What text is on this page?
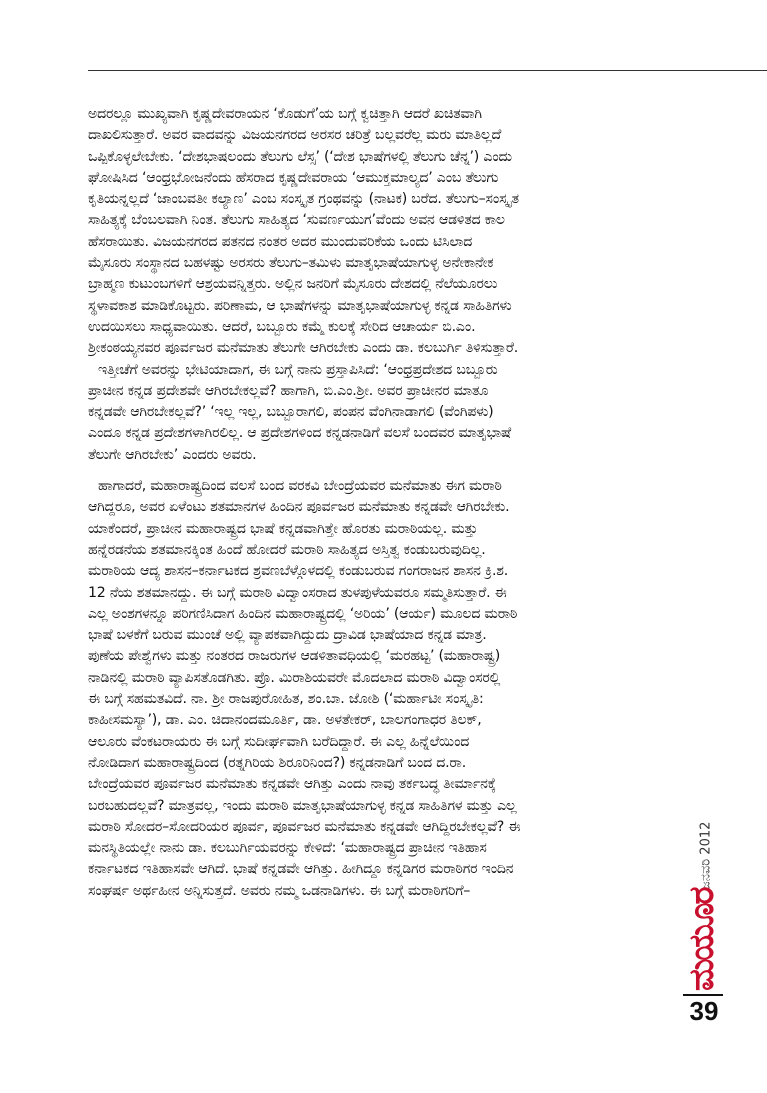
ಅದರಲ್ಲೂ ಮುಖ್ಯವಾಗಿ ಕೃಷ್ಣದೇವರಾಯನ ‘ಕೊಡುಗೆ’ಯ ಬಗ್ಗೆ ಕ್ವಚಿತ್ತಾಗಿ ಆದರೆ ಖಚಿತವಾಗಿ
ದಾಖಲಿಸುತ್ತಾರೆ. ಅವರ ವಾದವನ್ನು ವಿಜಯನಗರದ ಅರಸರ ಚರಿತ್ರೆ ಬಲ್ಲವರೆಲ್ಲ ಮರು ಮಾತಿಲ್ಲದೆ
ಒಪ್ಪಿಕೊಳ್ಳಲೇಬೇಕು. ‘ದೇಶಭಾಷಲಂದು ತೆಲುಗು ಲೆಸ್ಸ’ (‘ದೇಶ ಭಾಷೆಗಳಲ್ಲಿ ತೆಲುಗು ಚೆನ್ನ’) ಎಂದು
ಘೋಷಿಸಿದ ‘ಆಂಧ್ರಭೋಜನೆಂದು ಹೆಸರಾದ ಕೃಷ್ಣದೇವರಾಯ ‘ಆಮುಕ್ತಮಾಲ್ಯದ’ ಎಂಬ ತೆಲುಗು
ಕೃತಿಯನ್ನಲ್ಲದೆ ‘ಜಾಂಬವತೀ ಕಲ್ಯಾಣ’ ಎಂಬ ಸಂಸ್ಕೃತ ಗ್ರಂಥವನ್ನು (ನಾಟಕ) ಬರೆದ. ತೆಲುಗು–ಸಂಸ್ಕೃತ
ಸಾಹಿತ್ಯಕ್ಕೆ ಬೆಂಬಲವಾಗಿ ನಿಂತ. ತೆಲುಗು ಸಾಹಿತ್ಯದ ‘ಸುವರ್ಣಯುಗ’ವೆಂದು ಅವನ ಆಡಳಿತದ ಕಾಲ
ಹೆಸರಾಯಿತು. ವಿಜಯನಗರದ ಪತನದ ನಂತರ ಅದರ ಮುಂದುವರಿಕೆಯ ಒಂದು ಟಿಸಿಲಾದ
ಮೈಸೂರು ಸಂಸ್ಥಾನದ ಬಹಳಷ್ಟು ಅರಸರು ತೆಲುಗು–ತಮಿಳು ಮಾತೃಭಾಷೆಯಾಗುಳ್ಳ ಅನೇಕಾನೇಕ
ಬ್ರಾಹ್ಮಣ ಕುಟುಂಬಗಳಿಗೆ ಆಶ್ರಯವನ್ನಿತ್ತರು. ಅಲ್ಲಿನ ಜನರಿಗೆ ಮೈಸೂರು ದೇಶದಲ್ಲಿ ನೆಲೆಯೂರಲು
ಸ್ಥಳಾವಕಾಶ ಮಾಡಿಕೊಟ್ಟರು. ಪರಿಣಾಮ, ಆ ಭಾಷೆಗಳನ್ನು ಮಾತೃಭಾಷೆಯಾಗುಳ್ಳ ಕನ್ನಡ ಸಾಹಿತಿಗಳು
ಉದಯಿಸಲು ಸಾಧ್ಯವಾಯಿತು. ಆದರೆ, ಬಬ್ಬೂರು ಕಮ್ಮೆ ಕುಲಕ್ಕೆ ಸೇರಿದ ಆಚಾರ್ಯ ಬಿ.ಎಂ.
ಶ್ರೀಕಂಠಯ್ಯನವರ ಪೂರ್ವಜರ ಮನೆಮಾತು ತೆಲುಗೇ ಆಗಿರಬೇಕು ಎಂದು ಡಾ. ಕಲಬುರ್ಗಿ ತಿಳಿಸುತ್ತಾರೆ.
ಇತ್ತೀಚೆಗೆ ಅವರನ್ನು ಭೇಟಿಯಾದಾಗ, ಈ ಬಗ್ಗೆ ನಾನು ಪ್ರಸ್ತಾಪಿಸಿದೆ: ‘ಆಂಧ್ರಪ್ರದೇಶದ ಬಬ್ಬೂರು
ಪ್ರಾಚೀನ ಕನ್ನಡ ಪ್ರದೇಶವೇ ಆಗಿರಬೇಕಲ್ಲವೆ? ಹಾಗಾಗಿ, ಬಿ.ಎಂ.ಶ್ರೀ. ಅವರ ಪ್ರಾಚೀನರ ಮಾತೂ
ಕನ್ನಡವೇ ಆಗಿರಬೇಕಲ್ಲವೆ?’ ‘ಇಲ್ಲ ಇಲ್ಲ, ಬಬ್ಬೂರಾಗಲಿ, ಪಂಪನ ವೆಂಗಿನಾಡಾಗಲಿ (ವೆಂಗಿಪಳು)
ಎಂದೂ ಕನ್ನಡ ಪ್ರದೇಶಗಳಾಗಿರಲಿಲ್ಲ. ಆ ಪ್ರದೇಶಗಳಿಂದ ಕನ್ನಡನಾಡಿಗೆ ವಲಸೆ ಬಂದವರ ಮಾತೃಭಾಷೆ
ತೆಲುಗೇ ಆಗಿರಬೇಕು’ ಎಂದರು ಅವರು.
ಹಾಗಾದರೆ, ಮಹಾರಾಷ್ಟ್ರದಿಂದ ವಲಸೆ ಬಂದ ವರಕವಿ ಬೇಂದ್ರೆಯವರ ಮನೆಮಾತು ಈಗ ಮರಾಠಿ
ಆಗಿದ್ದರೂ, ಅವರ ಏಳೆಂಟು ಶತಮಾನಗಳ ಹಿಂದಿನ ಪೂರ್ವಜರ ಮನೆಮಾತು ಕನ್ನಡವೇ ಆಗಿರಬೇಕು.
ಯಾಕೆಂದರೆ, ಪ್ರಾಚೀನ ಮಹಾರಾಷ್ಟ್ರದ ಭಾಷೆ ಕನ್ನಡವಾಗಿತ್ತೇ ಹೊರತು ಮರಾಠಿಯಲ್ಲ. ಮತ್ತು
ಹನ್ನೆರಡನೆಯ ಶತಮಾನಕ್ಕಿಂತ ಹಿಂದೆ ಹೋದರೆ ಮರಾಠಿ ಸಾಹಿತ್ಯದ ಅಸ್ತಿತ್ವ ಕಂಡುಬರುವುದಿಲ್ಲ.
ಮರಾಠಿಯ ಆದ್ಯ ಶಾಸನ–ಕರ್ನಾಟಕದ ಶ್ರವಣಬೆಳ್ಗೊಳದಲ್ಲಿ ಕಂಡುಬರುವ ಗಂಗರಾಜನ ಶಾಸನ ಕ್ರಿ.ಶ.
12 ನೆಯ ಶತಮಾನದ್ದು. ಈ ಬಗ್ಗೆ ಮರಾಠಿ ವಿದ್ವಾಂಸರಾದ ತುಳಪುಳೆಯವರೂ ಸಮ್ಮತಿಸುತ್ತಾರೆ. ಈ
ಎಲ್ಲ ಅಂಶಗಳನ್ನೂ ಪರಿಗಣಿಸಿದಾಗ ಹಿಂದಿನ ಮಹಾರಾಷ್ಟ್ರದಲ್ಲಿ ‘ಅರಿಯ’ (ಆರ್ಯ) ಮೂಲದ ಮರಾಠಿ
ಭಾಷೆ ಬಳಕೆಗೆ ಬರುವ ಮುಂಚೆ ಅಲ್ಲಿ ವ್ಯಾಪಕವಾಗಿದ್ದುದು ದ್ರಾವಿಡ ಭಾಷೆಯಾದ ಕನ್ನಡ ಮಾತ್ರ.
ಪುಣೆಯ ಪೇಶ್ವೆಗಳು ಮತ್ತು ನಂತರದ ರಾಜರುಗಳ ಆಡಳಿತಾವಧಿಯಲ್ಲಿ ‘ಮರಹಟ್ಟ’ (ಮಹಾರಾಷ್ಟ್ರ)
ನಾಡಿನಲ್ಲಿ ಮರಾಠಿ ವ್ಯಾಪಿಸತೊಡಗಿತು. ಪ್ರೊ. ಮಿರಾಶಿಯವರೇ ಮೊದಲಾದ ಮರಾಠಿ ವಿದ್ವಾಂಸರಲ್ಲಿ
ಈ ಬಗ್ಗೆ ಸಹಮತವಿದೆ. ನಾ. ಶ್ರೀ ರಾಜಪುರೋಹಿತ, ಶಂ.ಬಾ. ಜೋಶಿ (‘ಮರ್ಹಾಟೀ ಸಂಸ್ಕೃತಿ:
ಕಾಹೀಸಮಸ್ಯಾ’), ಡಾ. ಎಂ. ಚಿದಾನಂದಮೂರ್ತಿ, ಡಾ. ಅಳತೇಕರ್, ಬಾಲಗಂಗಾಧರ ತಿಲಕ್,
ಆಲೂರು ವೆಂಕಟರಾಯರು ಈ ಬಗ್ಗೆ ಸುದೀರ್ಘವಾಗಿ ಬರೆದಿದ್ದಾರೆ. ಈ ಎಲ್ಲ ಹಿನ್ನೆಲೆಯಿಂದ
ನೋಡಿದಾಗ ಮಹಾರಾಷ್ಟ್ರದಿಂದ (ರತ್ನಗಿರಿಯ ಶಿರೂರಿನಿಂದ?) ಕನ್ನಡನಾಡಿಗೆ ಬಂದ ದ.ರಾ.
ಬೇಂದ್ರೆಯವರ ಪೂರ್ವಜರ ಮನೆಮಾತು ಕನ್ನಡವೇ ಆಗಿತ್ತು ಎಂದು ನಾವು ತರ್ಕಬದ್ಧ ತೀರ್ಮಾನಕ್ಕೆ
ಬರಬಹುದಲ್ಲವೆ? ಮಾತ್ರವಲ್ಲ, ಇಂದು ಮರಾಠಿ ಮಾತೃಭಾಷೆಯಾಗುಳ್ಳ ಕನ್ನಡ ಸಾಹಿತಿಗಳ ಮತ್ತು ಎಲ್ಲ
ಮರಾಠಿ ಸೋದರ–ಸೋದರಿಯರ ಪೂರ್ವ, ಪೂರ್ವಜರ ಮನೆಮಾತು ಕನ್ನಡವೇ ಆಗಿದ್ದಿರಬೇಕಲ್ಲವೆ? ಈ
ಮನಸ್ಥಿತಿಯಲ್ಲೇ ನಾನು ಡಾ. ಕಲಬುರ್ಗಿಯವರನ್ನು ಕೇಳಿದೆ: ‘ಮಹಾರಾಷ್ಟ್ರದ ಪ್ರಾಚೀನ ಇತಿಹಾಸ
ಕರ್ನಾಟಕದ ಇತಿಹಾಸವೇ ಆಗಿದೆ. ಭಾಷೆ ಕನ್ನಡವೇ ಆಗಿತ್ತು. ಹೀಗಿದ್ದೂ ಕನ್ನಡಿಗರ ಮರಾಠಿಗರ ಇಂದಿನ
ಸಂಘರ್ಷ ಅರ್ಥಹೀನ ಅನ್ನಿಸುತ್ತದೆ. ಅವರು ನಮ್ಮ ಒಡನಾಡಿಗಳು. ಈ ಬಗ್ಗೆ ಮರಾಠಿಗರಿಗೆ–
ಜನವರಿ 2012
ಮಯೂರ
39
